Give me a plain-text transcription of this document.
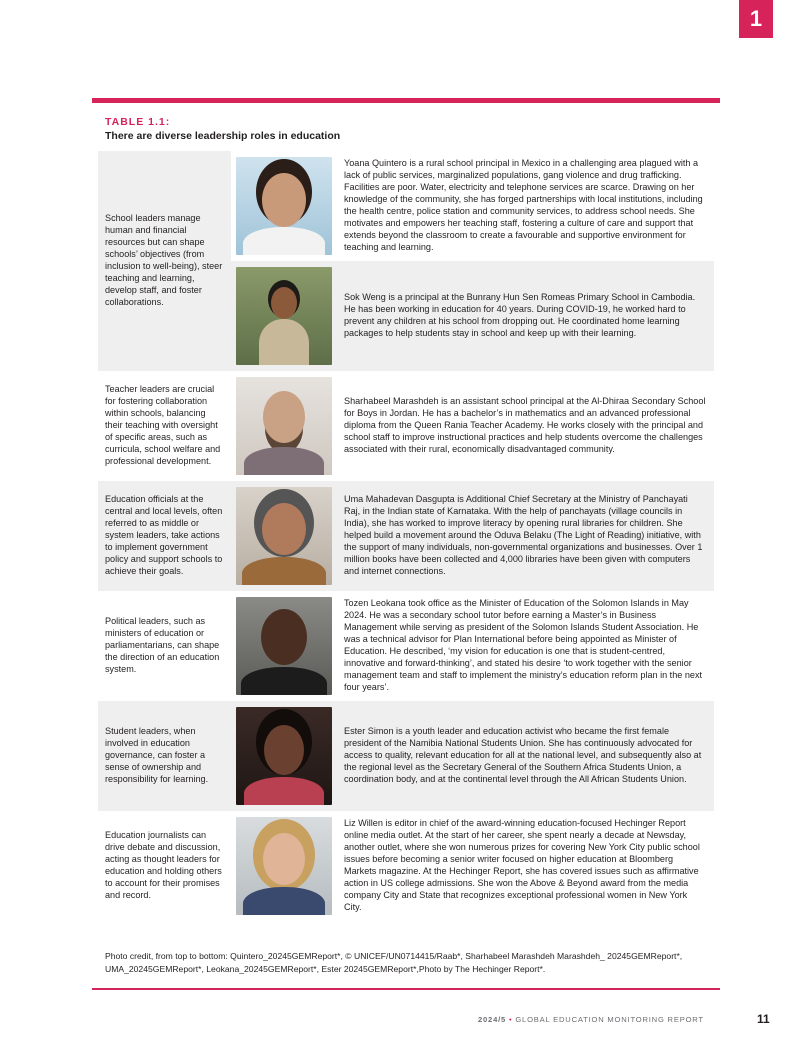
1
TABLE 1.1:
There are diverse leadership roles in education
School leaders manage human and financial resources but can shape schools’ objectives (from inclusion to well-being), steer teaching and learning, develop staff, and foster collaborations.
Yoana Quintero is a rural school principal in Mexico in a challenging area plagued with a lack of public services, marginalized populations, gang violence and drug trafficking. Facilities are poor. Water, electricity and telephone services are scarce. Drawing on her knowledge of the community, she has forged partnerships with local institutions, including the health centre, police station and community services, to address school needs. She motivates and empowers her teaching staff, fostering a culture of care and support that extends beyond the classroom to create a favourable and supportive environment for teaching and learning.
Sok Weng is a principal at the Bunrany Hun Sen Romeas Primary School in Cambodia. He has been working in education for 40 years. During COVID-19, he worked hard to prevent any children at his school from dropping out. He coordinated home learning packages to help students stay in school and keep up with their learning.
Teacher leaders are crucial for fostering collaboration within schools, balancing their teaching with oversight of specific areas, such as curricula, school welfare and professional development.
Sharhabeel Marashdeh is an assistant school principal at the Al-Dhiraa Secondary School for Boys in Jordan. He has a bachelor’s in mathematics and an advanced professional diploma from the Queen Rania Teacher Academy. He works closely with the principal and school staff to improve instructional practices and help students overcome the challenges associated with their rural, economically disadvantaged community.
Education officials at the central and local levels, often referred to as middle or system leaders, take actions to implement government policy and support schools to achieve their goals.
Uma Mahadevan Dasgupta is Additional Chief Secretary at the Ministry of Panchayati Raj, in the Indian state of Karnataka. With the help of panchayats (village councils in India), she has worked to improve literacy by opening rural libraries for children. She helped build a movement around the Oduva Belaku (The Light of Reading) initiative, with the support of many individuals, non-governmental organizations and businesses. Over 1 million books have been collected and 4,000 libraries have been given with computers and internet connections.
Political leaders, such as ministers of education or parliamentarians, can shape the direction of an education system.
Tozen Leokana took office as the Minister of Education of the Solomon Islands in May 2024. He was a secondary school tutor before earning a Master’s in Business Management while serving as president of the Solomon Islands Student Association. He was a technical advisor for Plan International before being appointed as Minister of Education. He described, ‘my vision for education is one that is student-centred, innovative and forward-thinking’, and stated his desire ‘to work together with the senior management team and staff to implement the ministry’s education reform plan in the next four years’.
Student leaders, when involved in education governance, can foster a sense of ownership and responsibility for learning.
Ester Simon is a youth leader and education activist who became the first female president of the Namibia National Students Union. She has continuously advocated for access to quality, relevant education for all at the national level, and subsequently also at the regional level as the Secretary General of the Southern Africa Students Union, a coordination body, and at the continental level through the All African Students Union.
Education journalists can drive debate and discussion, acting as thought leaders for education and holding others to account for their promises and record.
Liz Willen is editor in chief of the award-winning education-focused Hechinger Report online media outlet. At the start of her career, she spent nearly a decade at Newsday, another outlet, where she won numerous prizes for covering New York City public school issues before becoming a senior writer focused on higher education at Bloomberg Markets magazine. At the Hechinger Report, she has covered issues such as affirmative action in US college admissions. She won the Above & Beyond award from the media company City and State that recognizes exceptional professional women in New York City.
Photo credit, from top to bottom: Quintero_20245GEMReport*, © UNICEF/UN0714415/Raab*, Sharhabeel Marashdeh Marashdeh_ 20245GEMReport*, UMA_20245GEMReport*, Leokana_20245GEMReport*, Ester 20245GEMReport*,Photo by The Hechinger Report*.
2024/5 • GLOBAL EDUCATION MONITORING REPORT	11
